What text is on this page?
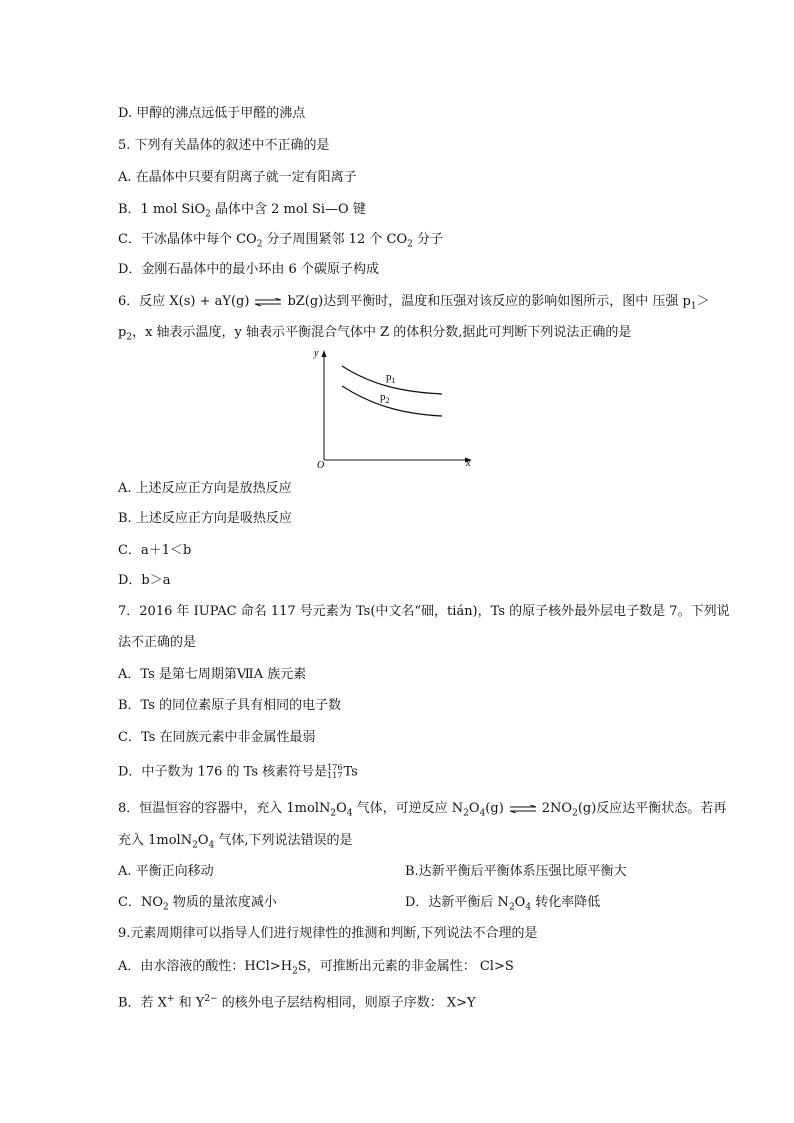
D. 甲醇的沸点远低于甲醛的沸点
5. 下列有关晶体的叙述中不正确的是
A. 在晶体中只要有阴离子就一定有阳离子
B．1 mol SiO$_2$ 晶体中含 2 mol Si—O 键
C．干冰晶体中每个 $CO_2$ 分子周围紧邻 12 个 $CO_2$ 分子
D．金刚石晶体中的最小环由 6 个碳原子构成
6．反应 X(s) + aY(g) ⇌ bZ(g)达到平衡时，温度和压强对该反应的影响如图所示，图中 压强 $p_1>$
$p_2$，x 轴表示温度，y 轴表示平衡混合气体中 Z 的体积分数,据此可判断下列说法正确的是
y
x
O
$p_1$
$p_2$
A. 上述反应正方向是放热反应
B. 上述反应正方向是吸热反应
C．a＋1＜b
D．b＞a
7．2016 年 IUPAC 命名 117 号元素为 Ts(中文名“鿬，tián)，Ts 的原子核外最外层电子数是 7。下列说
法不正确的是
A．Ts 是第七周期第ⅦA 族元素
B．Ts 的同位素原子具有相同的电子数
C．Ts 在同族元素中非金属性最弱
D．中子数为 176 的 Ts 核素符号是 176
117 Ts
8．恒温恒容的容器中，充入 $1molN_2O_4$ 气体，可逆反应 $N_2O_4(g)$ ⇌ $2NO_2(g)$反应达平衡状态。若再
充入 $1molN_2O_4$ 气体,下列说法错误的是
A. 平衡正向移动	B.达新平衡后平衡体系压强比原平衡大
C．$NO_2$ 物质的量浓度减小	D．达新平衡后 $N_2O_4$ 转化率降低
9.元素周期律可以指导人们进行规律性的推测和判断,下列说法不合理的是
A．由水溶液的酸性：$HCl>H_2S$，可推断出元素的非金属性： Cl>S
B．若 X+ 和 $Y^{2-}$ 的核外电子层结构相同，则原子序数： X>Y
